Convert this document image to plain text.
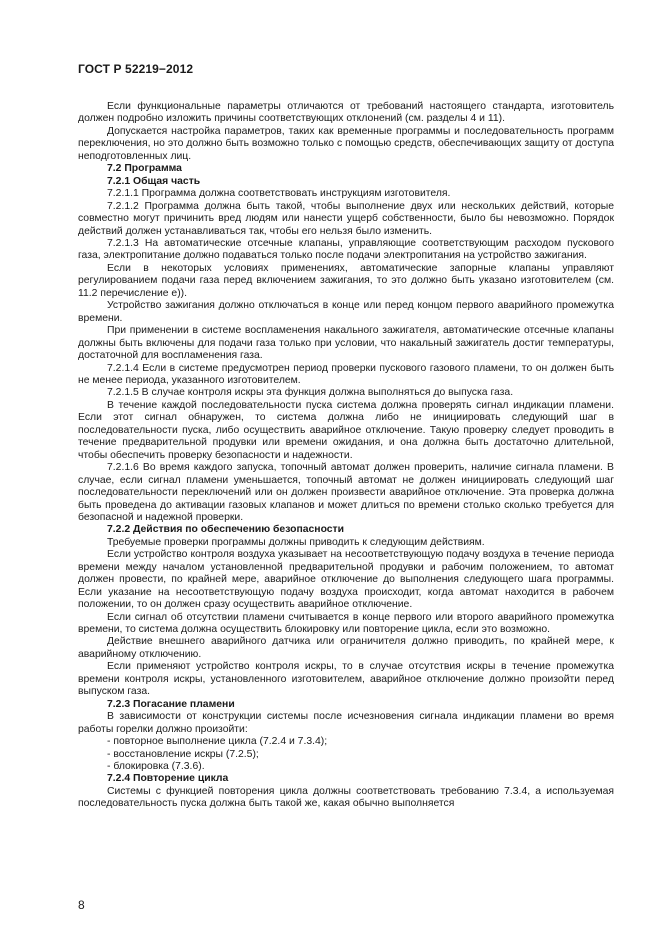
ГОСТ Р 52219−2012

Если функциональные параметры отличаются от требований настоящего стандарта, изготовитель должен подробно изложить причины соответствующих отклонений (см. разделы 4 и 11).

Допускается настройка параметров, таких как временные программы и последовательность программ переключения, но это должно быть возможно только с помощью средств, обеспечивающих защиту от доступа неподготовленных лиц.

7.2 Программа

7.2.1 Общая часть

7.2.1.1 Программа должна соответствовать инструкциям изготовителя.

7.2.1.2 Программа должна быть такой, чтобы выполнение двух или нескольких действий, которые совместно могут причинить вред людям или нанести ущерб собственности, было бы невозможно. Порядок действий должен устанавливаться так, чтобы его нельзя было изменить.

7.2.1.3 На автоматические отсечные клапаны, управляющие соответствующим расходом пускового газа, электропитание должно подаваться только после подачи электропитания на устройство зажигания.

Если в некоторых условиях применениях, автоматические запорные клапаны управляют регулированием подачи газа перед включением зажигания, то это должно быть указано изготовителем (см. 11.2 перечисление е)).

Устройство зажигания должно отключаться в конце или перед концом первого аварийного промежутка времени.

При применении в системе воспламенения накального зажигателя, автоматические отсечные клапаны должны быть включены для подачи газа только при условии, что накальный зажигатель достиг температуры, достаточной для воспламенения газа.

7.2.1.4 Если в системе предусмотрен период проверки пускового газового пламени, то он должен быть не менее периода, указанного изготовителем.

7.2.1.5 В случае контроля искры эта функция должна выполняться до выпуска газа.

В течение каждой последовательности пуска система должна проверять сигнал индикации пламени. Если этот сигнал обнаружен, то система должна либо не инициировать следующий шаг в последовательности пуска, либо осуществить аварийное отключение. Такую проверку следует проводить в течение предварительной продувки или времени ожидания, и она должна быть достаточно длительной, чтобы обеспечить проверку безопасности и надежности.

7.2.1.6 Во время каждого запуска, топочный автомат должен проверить, наличие сигнала пламени. В случае, если сигнал пламени уменьшается, топочный автомат не должен инициировать следующий шаг последовательности переключений или он должен произвести аварийное отключение. Эта проверка должна быть проведена до активации газовых клапанов и может длиться по времени столько сколько требуется для безопасной и надежной проверки.

7.2.2 Действия по обеспечению безопасности

Требуемые проверки программы должны приводить к следующим действиям.

Если устройство контроля воздуха указывает на несоответствующую подачу воздуха в течение периода времени между началом установленной предварительной продувки и рабочим положением, то автомат должен провести, по крайней мере, аварийное отключение до выполнения следующего шага программы. Если указание на несоответствующую подачу воздуха происходит, когда автомат находится в рабочем положении, то он должен сразу осуществить аварийное отключение.

Если сигнал об отсутствии пламени считывается в конце первого или второго аварийного промежутка времени, то система должна осуществить блокировку или повторение цикла, если это возможно.

Действие внешнего аварийного датчика или ограничителя должно приводить, по крайней мере, к аварийному отключению.

Если применяют устройство контроля искры, то в случае отсутствия искры в течение промежутка времени контроля искры, установленного изготовителем, аварийное отключение должно произойти перед выпуском газа.

7.2.3 Погасание пламени

В зависимости от конструкции системы после исчезновения сигнала индикации пламени во время работы горелки должно произойти:

- повторное выполнение цикла (7.2.4 и 7.3.4);

- восстановление искры (7.2.5);

- блокировка (7.3.6).

7.2.4 Повторение цикла

Системы с функцией повторения цикла должны соответствовать требованию 7.3.4, а используемая последовательность пуска должна быть такой же, какая обычно выполняется

8
